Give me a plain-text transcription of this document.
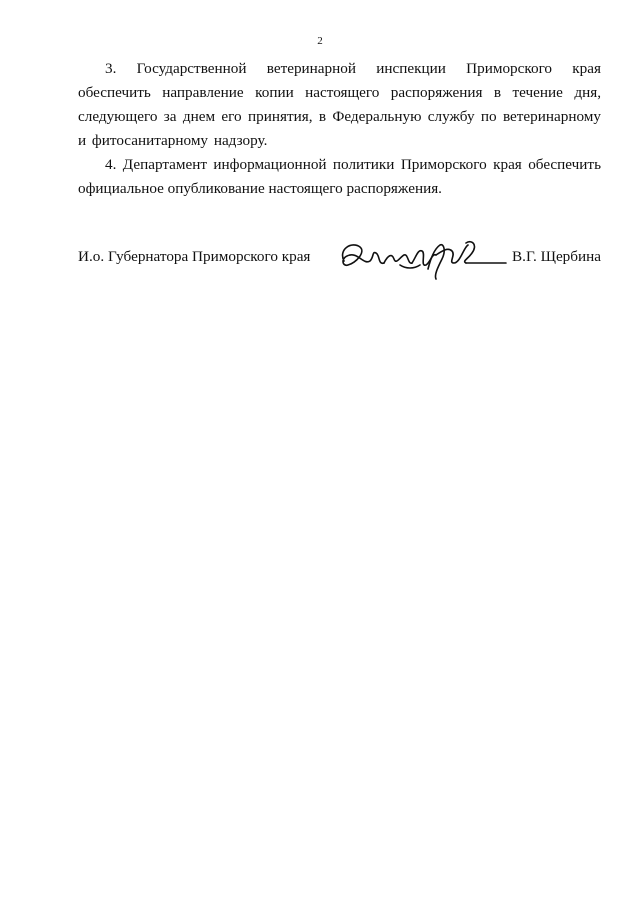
2

3. Государственной ветеринарной инспекции Приморского края обеспечить направление копии настоящего распоряжения в течение дня, следующего за днем его принятия, в Федеральную службу по ветеринарному и фитосанитарному надзору.

4. Департамент информационной политики Приморского края обеспечить официальное опубликование настоящего распоряжения.

И.о. Губернатора Приморского края	В.Г. Щербина
